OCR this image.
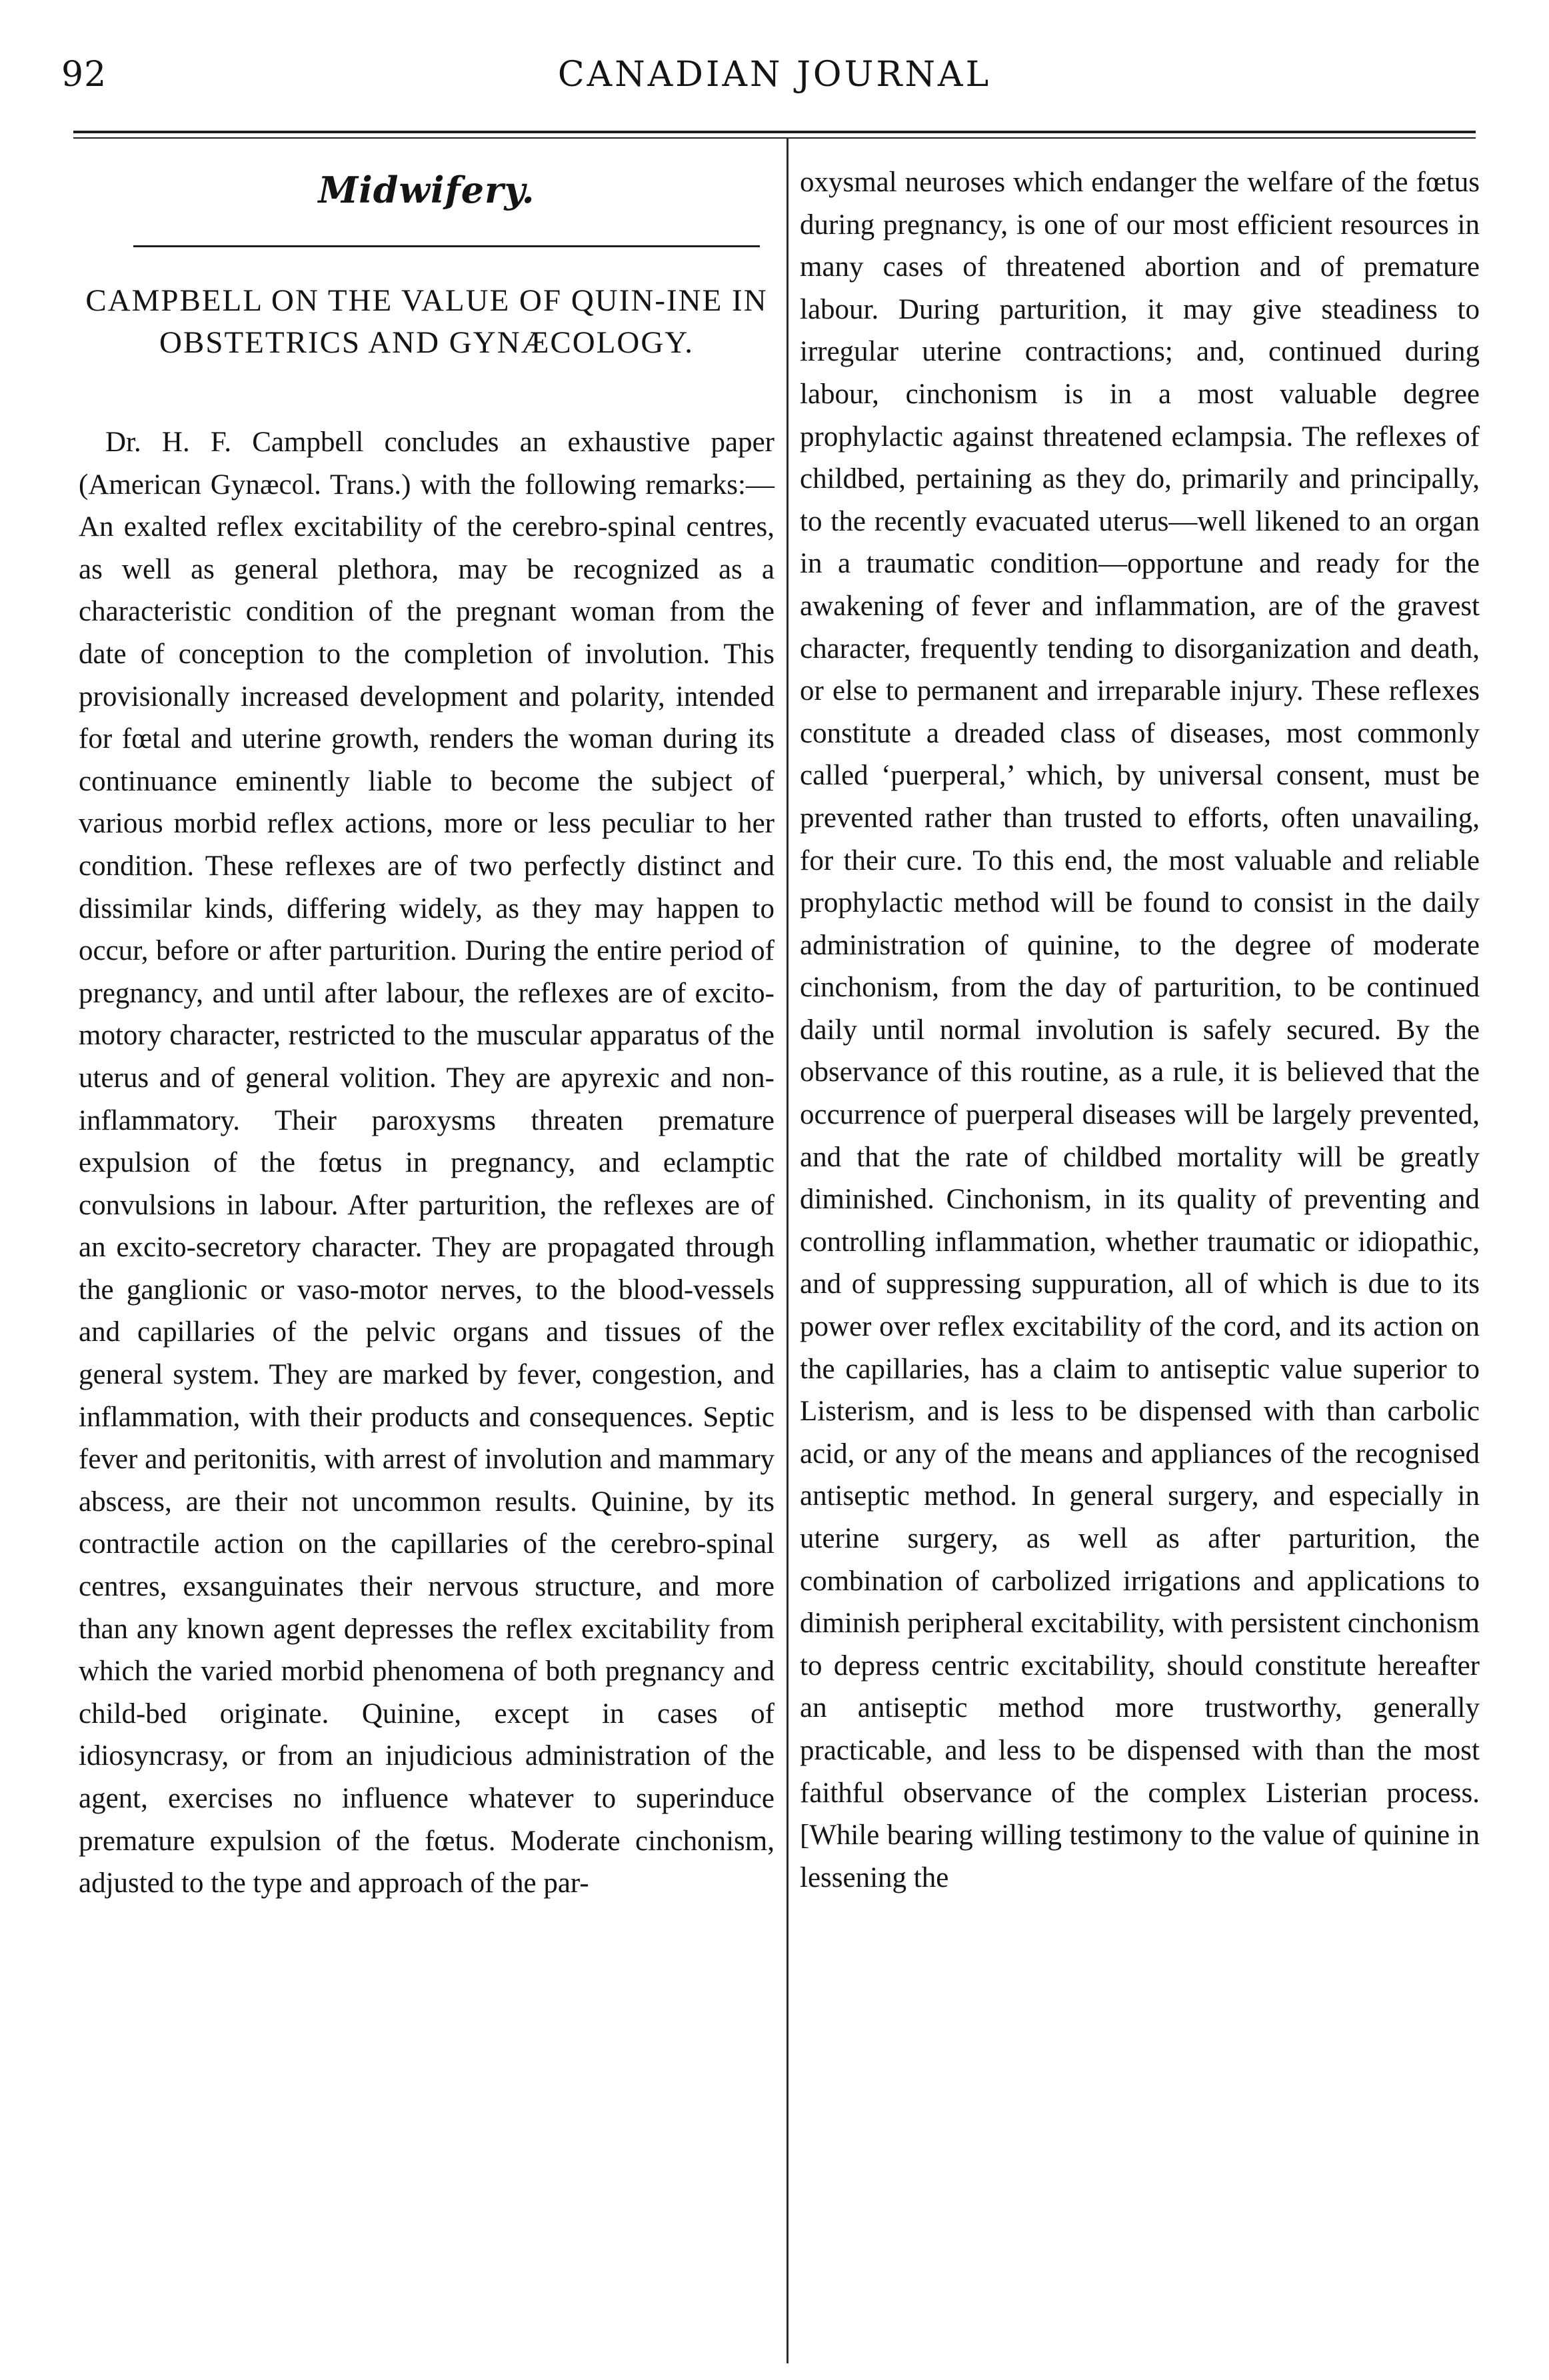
92	CANADIAN JOURNAL
Midwifery.
CAMPBELL ON THE VALUE OF QUIN-INE IN OBSTETRICS AND GYNÆCOLOGY.

Dr. H. F. Campbell concludes an exhaustive paper (American Gynæcol. Trans.) with the following remarks:—An exalted reflex excitability of the cerebro-spinal centres, as well as general plethora, may be recognized as a characteristic condition of the pregnant woman from the date of conception to the completion of involution. This provisionally increased development and polarity, intended for fœtal and uterine growth, renders the woman during its continuance eminently liable to become the subject of various morbid reflex actions, more or less peculiar to her condition. These reflexes are of two perfectly distinct and dissimilar kinds, differing widely, as they may happen to occur, before or after parturition. During the entire period of pregnancy, and until after labour, the reflexes are of excito-motory character, restricted to the muscular apparatus of the uterus and of general volition. They are apyrexic and non-inflammatory. Their paroxysms threaten premature expulsion of the fœtus in pregnancy, and eclamptic convulsions in labour. After parturition, the reflexes are of an excito-secretory character. They are propagated through the ganglionic or vaso-motor nerves, to the blood-vessels and capillaries of the pelvic organs and tissues of the general system. They are marked by fever, congestion, and inflammation, with their products and consequences. Septic fever and peritonitis, with arrest of involution and mammary abscess, are their not uncommon results. Quinine, by its contractile action on the capillaries of the cerebro-spinal centres, exsanguinates their nervous structure, and more than any known agent depresses the reflex excitability from which the varied morbid phenomena of both pregnancy and child-bed originate. Quinine, except in cases of idiosyncrasy, or from an injudicious administration of the agent, exercises no influence whatever to superinduce premature expulsion of the fœtus. Moderate cinchonism, adjusted to the type and approach of the par-

oxysmal neuroses which endanger the welfare of the fœtus during pregnancy, is one of our most efficient resources in many cases of threatened abortion and of premature labour. During parturition, it may give steadiness to irregular uterine contractions; and, continued during labour, cinchonism is in a most valuable degree prophylactic against threatened eclampsia. The reflexes of childbed, pertaining as they do, primarily and principally, to the recently evacuated uterus—well likened to an organ in a traumatic condition—opportune and ready for the awakening of fever and inflammation, are of the gravest character, frequently tending to disorganization and death, or else to permanent and irreparable injury. These reflexes constitute a dreaded class of diseases, most commonly called ‘puerperal,’ which, by universal consent, must be prevented rather than trusted to efforts, often unavailing, for their cure. To this end, the most valuable and reliable prophylactic method will be found to consist in the daily administration of quinine, to the degree of moderate cinchonism, from the day of parturition, to be continued daily until normal involution is safely secured. By the observance of this routine, as a rule, it is believed that the occurrence of puerperal diseases will be largely prevented, and that the rate of childbed mortality will be greatly diminished. Cinchonism, in its quality of preventing and controlling inflammation, whether traumatic or idiopathic, and of suppressing suppuration, all of which is due to its power over reflex excitability of the cord, and its action on the capillaries, has a claim to antiseptic value superior to Listerism, and is less to be dispensed with than carbolic acid, or any of the means and appliances of the recognised antiseptic method. In general surgery, and especially in uterine surgery, as well as after parturition, the combination of carbolized irrigations and applications to diminish peripheral excitability, with persistent cinchonism to depress centric excitability, should constitute hereafter an antiseptic method more trustworthy, generally practicable, and less to be dispensed with than the most faithful observance of the complex Listerian process. [While bearing willing testimony to the value of quinine in lessening the
